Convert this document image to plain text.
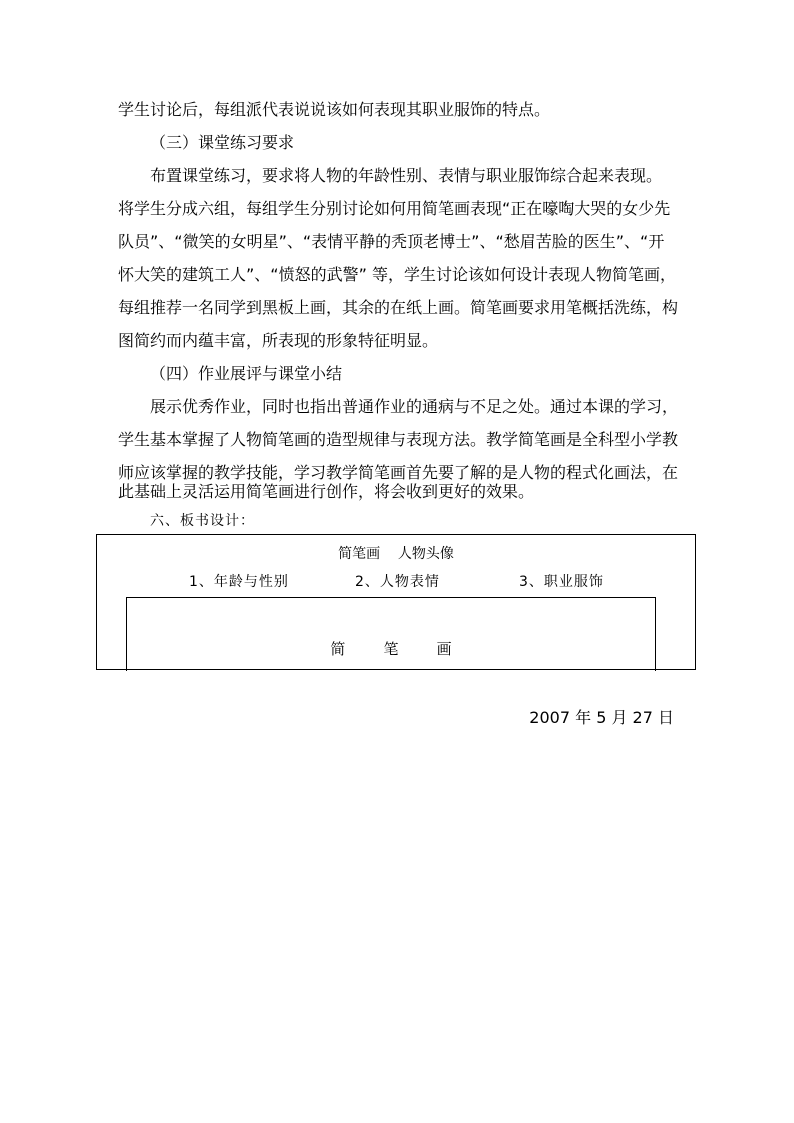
学生讨论后，每组派代表说说该如何表现其职业服饰的特点。
（三）课堂练习要求
布置课堂练习，要求将人物的年龄性别、表情与职业服饰综合起来表现。
将学生分成六组，每组学生分别讨论如何用简笔画表现“正在嚎啕大哭的女少先
队员”、“微笑的女明星”、“表情平静的秃顶老博士”、“愁眉苦脸的医生”、“开
怀大笑的建筑工人”、“愤怒的武警” 等，学生讨论该如何设计表现人物简笔画，
每组推荐一名同学到黑板上画，其余的在纸上画。简笔画要求用笔概括洗练，构
图简约而内蕴丰富，所表现的形象特征明显。
（四）作业展评与课堂小结
展示优秀作业，同时也指出普通作业的通病与不足之处。通过本课的学习，
学生基本掌握了人物简笔画的造型规律与表现方法。教学简笔画是全科型小学教
师应该掌握的教学技能，学习教学简笔画首先要了解的是人物的程式化画法，在
此基础上灵活运用简笔画进行创作，将会收到更好的效果。
六、板书设计：
简笔画    人物头像
1、年龄与性别	2、人物表情	3、职业服饰
简        笔        画
2007 年 5 月 27 日
